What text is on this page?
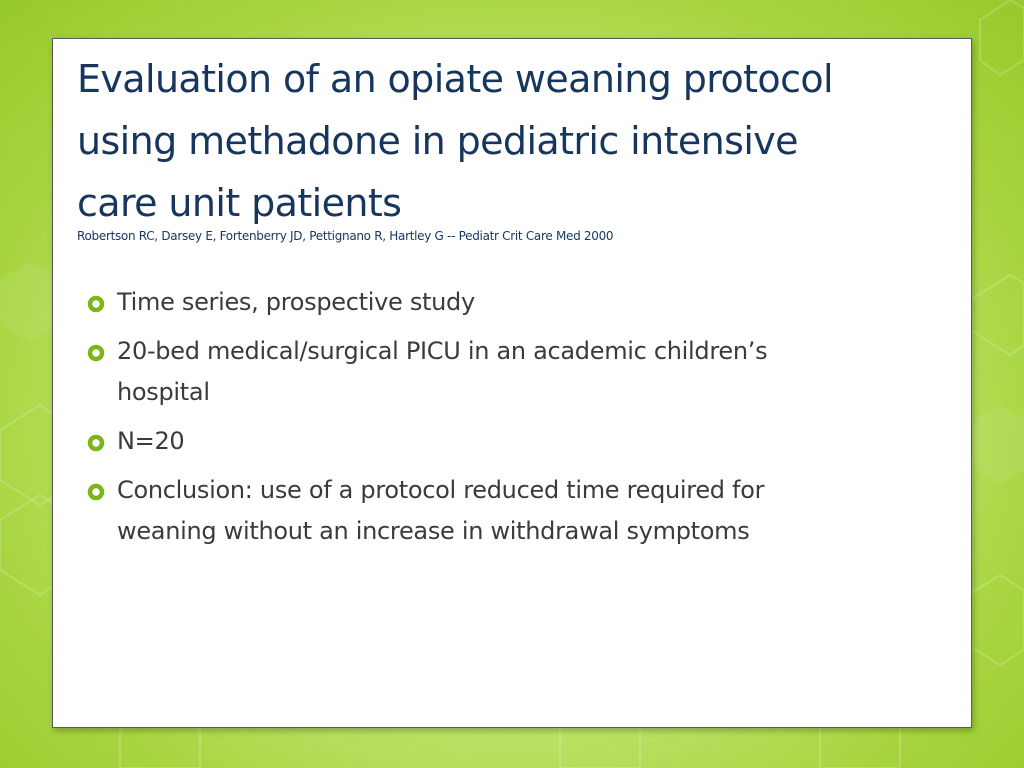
Evaluation of an opiate weaning protocol using methadone in pediatric intensive care unit patients

Robertson RC, Darsey E, Fortenberry JD, Pettignano R, Hartley G -- Pediatr Crit Care Med 2000

Time series, prospective study
20-bed medical/surgical PICU in an academic children’s hospital
N=20
Conclusion: use of a protocol reduced time required for weaning without an increase in withdrawal symptoms
